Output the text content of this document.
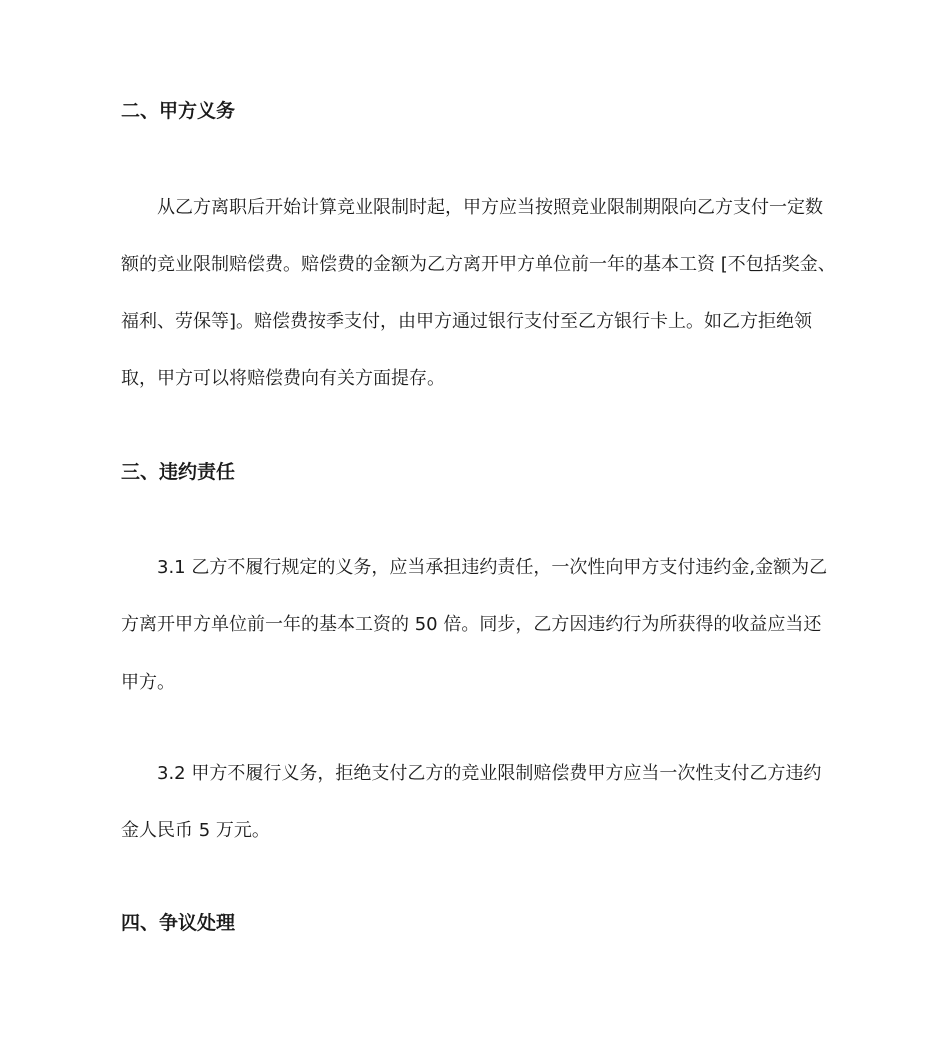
二、甲方义务

从乙方离职后开始计算竞业限制时起，甲方应当按照竞业限制期限向乙方支付一定数

额的竞业限制赔偿费。赔偿费的金额为乙方离开甲方单位前一年的基本工资 [不包括奖金、

福利、劳保等]。赔偿费按季支付，由甲方通过银行支付至乙方银行卡上。如乙方拒绝领

取，甲方可以将赔偿费向有关方面提存。

三、违约责任

3.1 乙方不履行规定的义务，应当承担违约责任，一次性向甲方支付违约金,金额为乙

方离开甲方单位前一年的基本工资的 50 倍。同步，乙方因违约行为所获得的收益应当还

甲方。

3.2 甲方不履行义务，拒绝支付乙方的竞业限制赔偿费甲方应当一次性支付乙方违约

金人民币 5 万元。

四、争议处理
